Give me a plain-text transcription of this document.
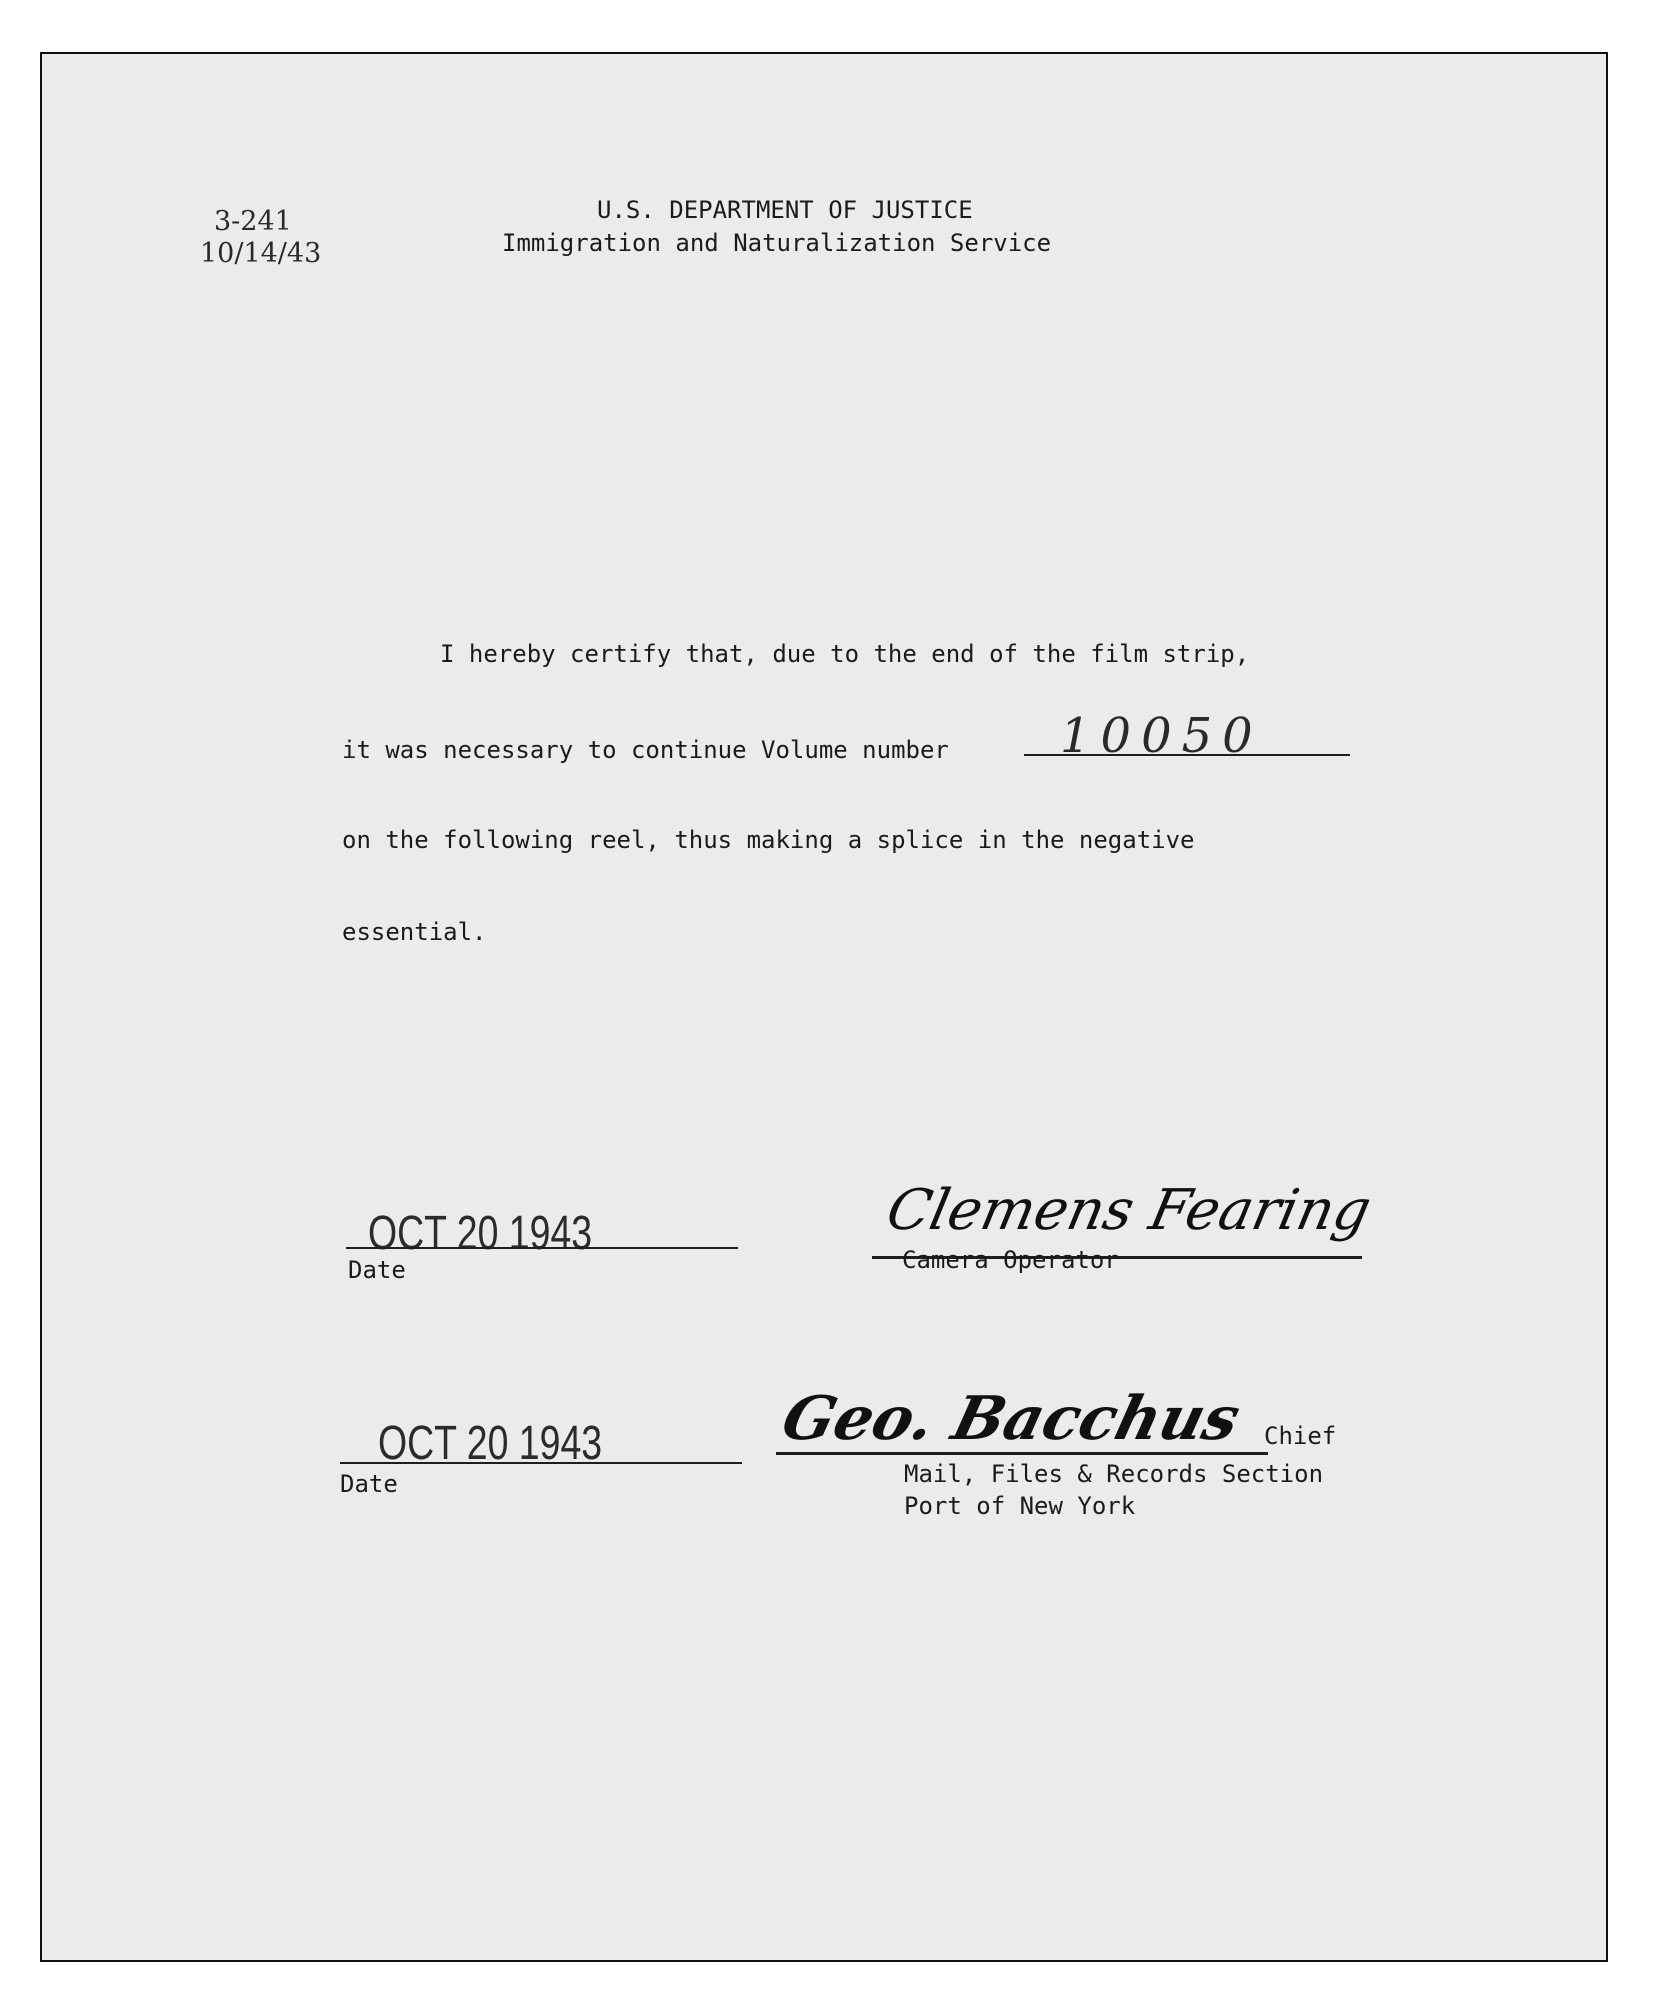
3-241
10/14/43
U.S. DEPARTMENT OF JUSTICE
Immigration and Naturalization Service
I hereby certify that, due to the end of the film strip,
it was necessary to continue Volume number 10050
on the following reel, thus making a splice in the negative
essential.
OCT 20 1943
Date
Clemens Fearing
Camera Operator
OCT 20 1943
Date
Geo. Bacchus Chief
Mail, Files & Records Section
Port of New York
